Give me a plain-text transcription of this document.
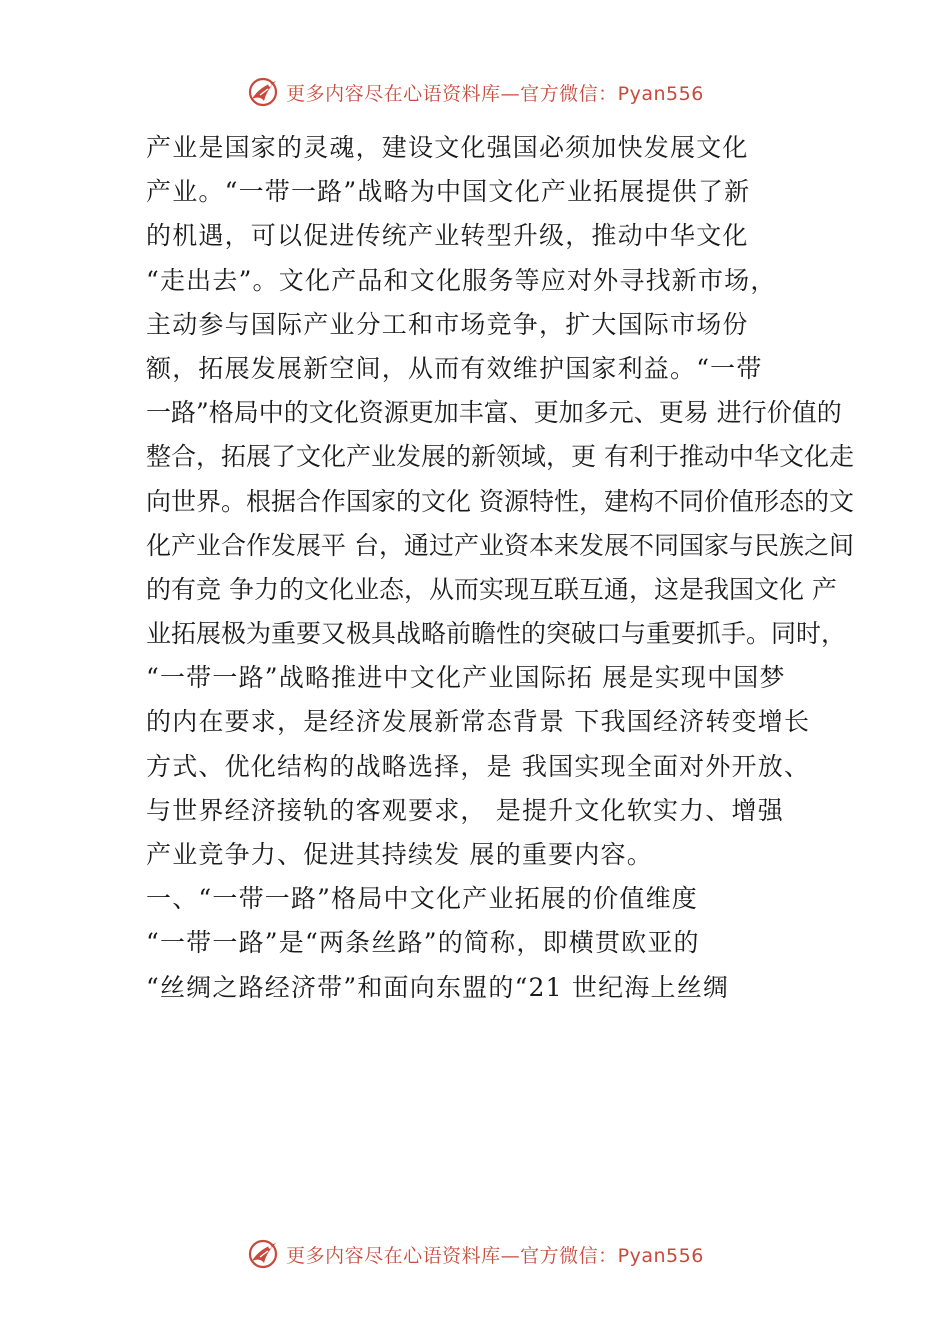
更多内容尽在心语资料库—官方微信：Pyan556
产业是国家的灵魂，建设文化强国必须加快发展文化
产业。“一带一路”战略为中国文化产业拓展提供了新
的机遇，可以促进传统产业转型升级，推动中华文化
“走出去”。文化产品和文化服务等应对外寻找新市场，
主动参与国际产业分工和市场竞争，扩大国际市场份
额，拓展发展新空间，从而有效维护国家利益。“一带
一路”格局中的文化资源更加丰富、更加多元、更易 进行价值的
整合，拓展了文化产业发展的新领域，更 有利于推动中华文化走
向世界。根据合作国家的文化 资源特性，建构不同价值形态的文
化产业合作发展平 台，通过产业资本来发展不同国家与民族之间
的有竞 争力的文化业态，从而实现互联互通，这是我国文化 产
业拓展极为重要又极具战略前瞻性的突破口与重要抓手。同时，
“一带一路”战略推进中文化产业国际拓 展是实现中国梦
的内在要求，是经济发展新常态背景 下我国经济转变增长
方式、优化结构的战略选择，是 我国实现全面对外开放、
与世界经济接轨的客观要求， 是提升文化软实力、增强
产业竞争力、促进其持续发 展的重要内容。
一、“一带一路”格局中文化产业拓展的价值维度
“一带一路”是“两条丝路”的简称，即横贯欧亚的
“丝绸之路经济带”和面向东盟的“21 世纪海上丝绸
更多内容尽在心语资料库—官方微信：Pyan556
